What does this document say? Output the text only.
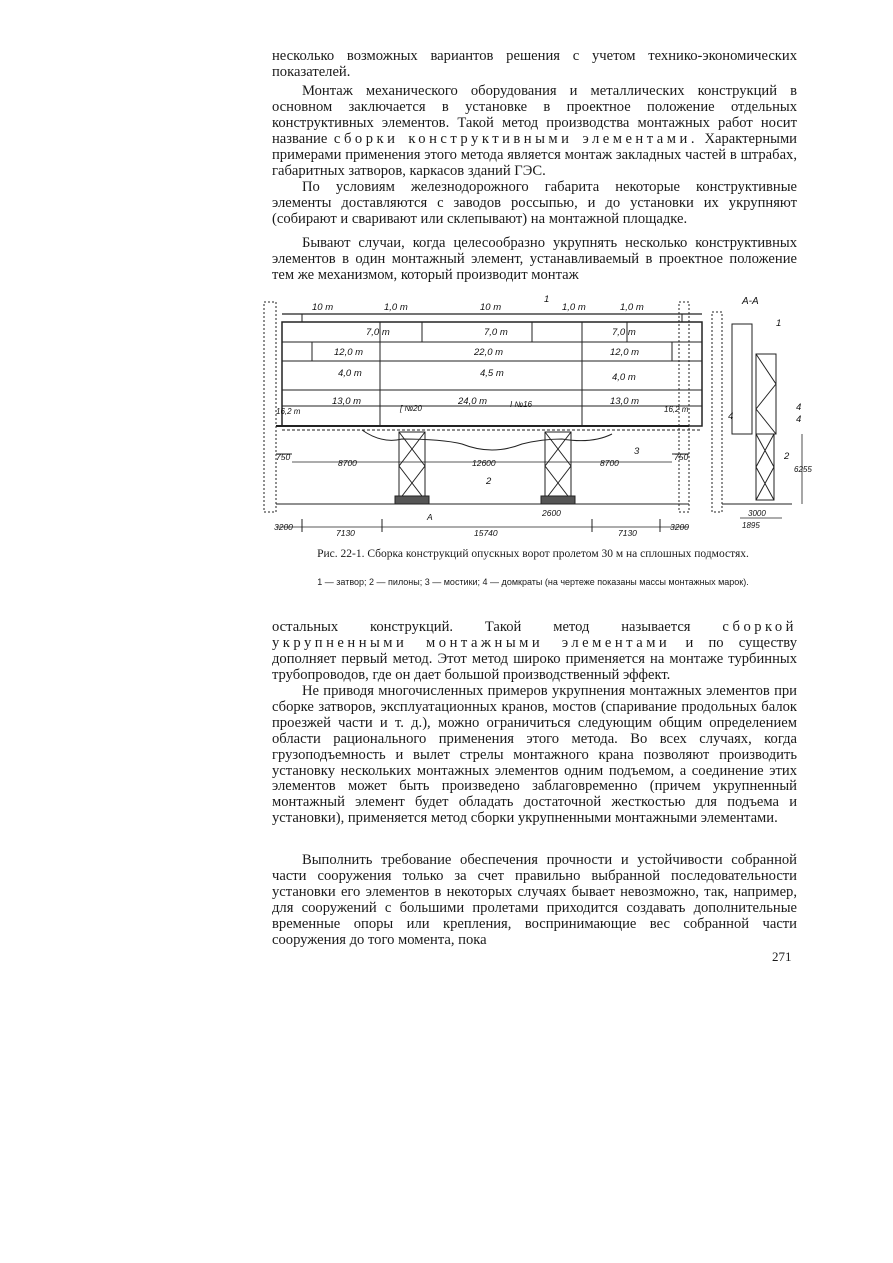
несколько возможных вариантов решения с учетом технико-экономических показателей.

Монтаж механического оборудования и металлических конструкций в основном заключается в установке в проектное положение отдельных конструктивных элементов. Такой метод производства монтажных работ носит название сборки конструктивными элементами. Характерными примерами применения этого метода является монтаж закладных частей в штрабах, габаритных затворов, каркасов зданий ГЭС.

По условиям железнодорожного габарита некоторые конструктивные элементы доставляются с заводов россыпью, и до установки их укрупняют (собирают и сваривают или склепывают) на монтажной площадке.

Бывают случаи, когда целесообразно укрупнять несколько конструктивных элементов в один монтажный элемент, устанавливаемый в проектное положение тем же механизмом, который производит монтаж

10 т	1,0 т	10 т	1,0 т	1,0 т
7,0 т	7,0 т	7,0 т
12,0 т	22,0 т	12,0 т
4,0 т	4,5 т	4,0 т
13,0 т	24,0 т	13,0 т
16,2 т	16,2 т
[ №20	I №16
750
8700	12600	8700
750
2600
3200
7130	15740	7130
3200
А
А-А
6255
3000
1895
1
2
3
4
1
2
4
4

Рис. 22-1. Сборка конструкций опускных ворот пролетом 30 м на сплошных подмостях.

1 — затвор; 2 — пилоны; 3 — мостики; 4 — домкраты (на чертеже показаны массы монтажных марок).

остальных конструкций. Такой метод называется сборкой укрупненными монтажными элементами и по существу дополняет первый метод. Этот метод широко применяется на монтаже турбинных трубопроводов, где он дает большой производственный эффект.

Не приводя многочисленных примеров укрупнения монтажных элементов при сборке затворов, эксплуатационных кранов, мостов (спаривание продольных балок проезжей части и т. д.), можно ограничиться следующим общим определением области рационального применения этого метода. Во всех случаях, когда грузоподъемность и вылет стрелы монтажного крана позволяют производить установку нескольких монтажных элементов одним подъемом, а соединение этих элементов может быть произведено заблаговременно (причем укрупненный монтажный элемент будет обладать достаточной жесткостью для подъема и установки), применяется метод сборки укрупненными монтажными элементами.

Выполнить требование обеспечения прочности и устойчивости собранной части сооружения только за счет правильно выбранной последовательности установки его элементов в некоторых случаях бывает невозможно, так, например, для сооружений с большими пролетами приходится создавать дополнительные временные опоры или крепления, воспринимающие вес собранной части сооружения до того момента, пока

271
